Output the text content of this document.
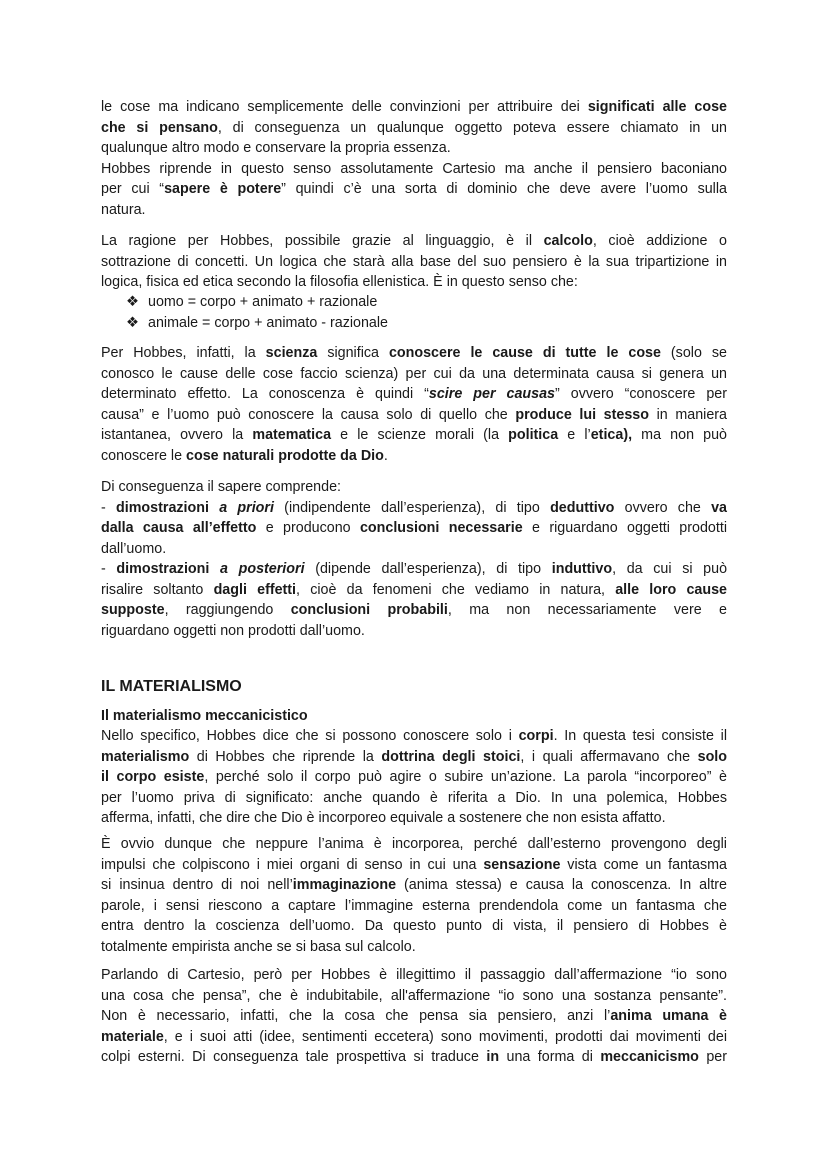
le cose ma indicano semplicemente delle convinzioni per attribuire dei significati alle cose
che si pensano, di conseguenza un qualunque oggetto poteva essere chiamato in un
qualunque altro modo e conservare la propria essenza.
Hobbes riprende in questo senso assolutamente Cartesio ma anche il pensiero baconiano
per cui “sapere è potere” quindi c’è una sorta di dominio che deve avere l’uomo sulla
natura.
La ragione per Hobbes, possibile grazie al linguaggio, è il calcolo, cioè addizione o
sottrazione di concetti. Un logica che starà alla base del suo pensiero è la sua tripartizione in
logica, fisica ed etica secondo la filosofia ellenistica. È in questo senso che:
❖ uomo = corpo + animato + razionale
❖ animale = corpo + animato - razionale
Per Hobbes, infatti, la scienza significa conoscere le cause di tutte le cose (solo se
conosco le cause delle cose faccio scienza) per cui da una determinata causa si genera un
determinato effetto. La conoscenza è quindi “scire per causas” ovvero “conoscere per
causa” e l’uomo può conoscere la causa solo di quello che produce lui stesso in maniera
istantanea, ovvero la matematica e le scienze morali (la politica e l’etica), ma non può
conoscere le cose naturali prodotte da Dio.
Di conseguenza il sapere comprende:
- dimostrazioni a priori (indipendente dall’esperienza), di tipo deduttivo ovvero che va
dalla causa all’effetto e producono conclusioni necessarie e riguardano oggetti prodotti
dall’uomo.
- dimostrazioni a posteriori (dipende dall’esperienza), di tipo induttivo, da cui si può
risalire soltanto dagli effetti, cioè da fenomeni che vediamo in natura, alle loro cause
supposte, raggiungendo conclusioni probabili, ma non necessariamente vere e
riguardano oggetti non prodotti dall’uomo.
IL MATERIALISMO
Il materialismo meccanicistico
Nello specifico, Hobbes dice che si possono conoscere solo i corpi. In questa tesi consiste il
materialismo di Hobbes che riprende la dottrina degli stoici, i quali affermavano che solo
il corpo esiste, perché solo il corpo può agire o subire un’azione. La parola “incorporeo” è
per l’uomo priva di significato: anche quando è riferita a Dio. In una polemica, Hobbes
afferma, infatti, che dire che Dio è incorporeo equivale a sostenere che non esista affatto.
È ovvio dunque che neppure l’anima è incorporea, perché dall’esterno provengono degli
impulsi che colpiscono i miei organi di senso in cui una sensazione vista come un fantasma
si insinua dentro di noi nell’immaginazione (anima stessa) e causa la conoscenza. In altre
parole, i sensi riescono a captare l’immagine esterna prendendola come un fantasma che
entra dentro la coscienza dell’uomo. Da questo punto di vista, il pensiero di Hobbes è
totalmente empirista anche se si basa sul calcolo.
Parlando di Cartesio, però per Hobbes è illegittimo il passaggio dall’affermazione “io sono
una cosa che pensa”, che è indubitabile, all'affermazione “io sono una sostanza pensante”.
Non è necessario, infatti, che la cosa che pensa sia pensiero, anzi l’anima umana è
materiale, e i suoi atti (idee, sentimenti eccetera) sono movimenti, prodotti dai movimenti dei
colpi esterni. Di conseguenza tale prospettiva si traduce in una forma di meccanicismo per
